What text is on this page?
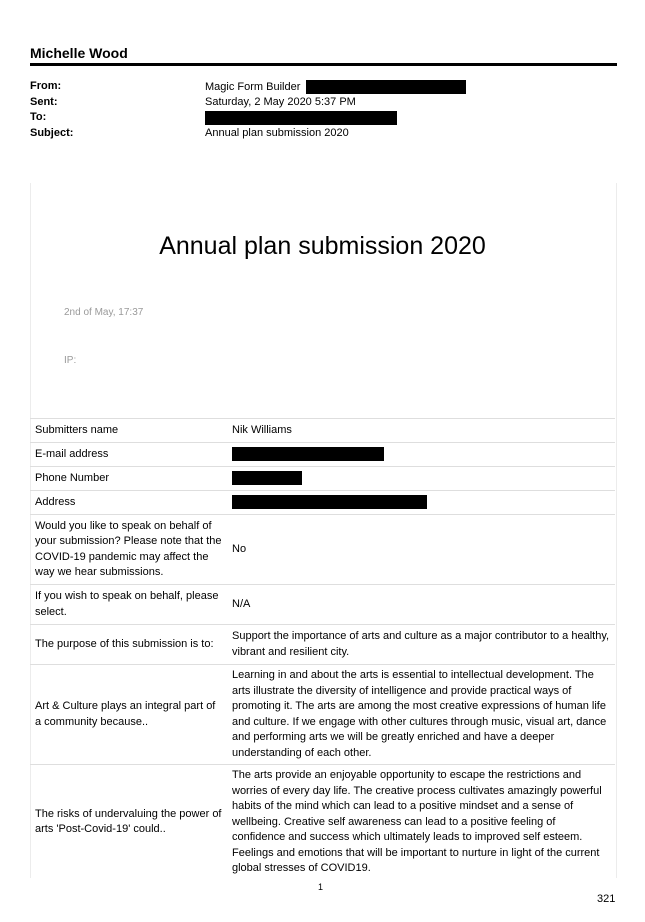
Michelle Wood
From:	Magic Form Builder
Sent:	Saturday, 2 May 2020 5:37 PM
To:
Subject:	Annual plan submission 2020
Annual plan submission 2020
2nd of May, 17:37
IP:
Submitters name	Nik Williams
E-mail address	
Phone Number	
Address	
Would you like to speak on behalf of your submission? Please note that the COVID-19 pandemic may affect the way we hear submissions.	No
If you wish to speak on behalf, please select.	N/A
The purpose of this submission is to:	Support the importance of arts and culture as a major contributor to a healthy, vibrant and resilient city.
Art & Culture plays an integral part of a community because..	Learning in and about the arts is essential to intellectual development. The arts illustrate the diversity of intelligence and provide practical ways of promoting it. The arts are among the most creative expressions of human life and culture. If we engage with other cultures through music, visual art, dance and performing arts we will be greatly enriched and have a deeper understanding of each other.
The risks of undervaluing the power of arts 'Post-Covid-19' could..	The arts provide an enjoyable opportunity to escape the restrictions and worries of every day life. The creative process cultivates amazingly powerful habits of the mind which can lead to a positive mindset and a sense of wellbeing. Creative self awareness can lead to a positive feeling of confidence and success which ultimately leads to improved self esteem. Feelings and emotions that will be important to nurture in light of the current global stresses of COVID19.
1
321
